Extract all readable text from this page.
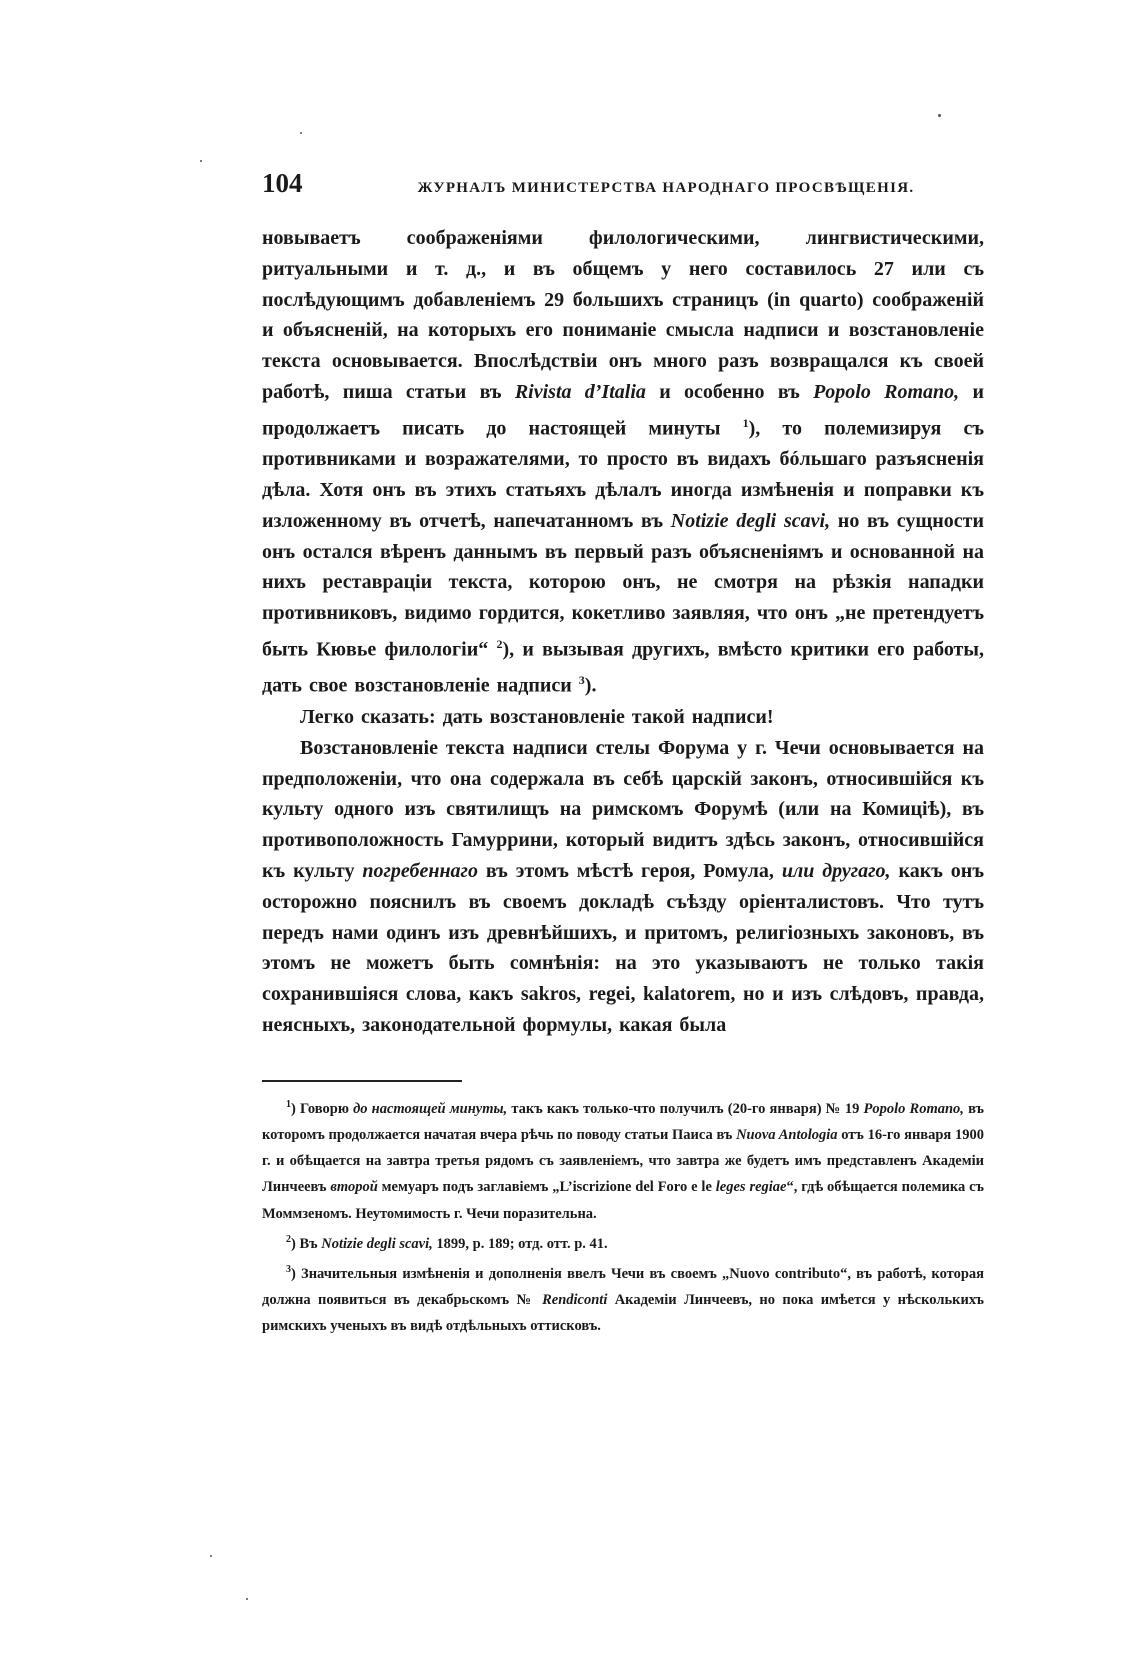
104	ЖУРНАЛЪ МИНИСТЕРСТВА НАРОДНАГО ПРОСВѢЩЕНІЯ.

новываетъ соображеніями филологическими, лингвистическими, ритуальными и т. д., и въ общемъ у него составилось 27 или съ послѣдующимъ добавленіемъ 29 большихъ страницъ (in quarto) соображеній и объясненій, на которыхъ его пониманіе смысла надписи и возстановленіе текста основывается. Впослѣдствіи онъ много разъ возвращался къ своей работѣ, пиша статьи въ Rivista d’Italia и особенно въ Popolo Romano, и продолжаетъ писать до настоящей минуты $^1$), то полемизируя съ противниками и возражателями, то просто въ видахъ бóльшаго разъясненія дѣла. Хотя онъ въ этихъ статьяхъ дѣлалъ иногда измѣненія и поправки къ изложенному въ отчетѣ, напечатанномъ въ Notizie degli scavi, но въ сущности онъ остался вѣренъ даннымъ въ первый разъ объясненіямъ и основанной на нихъ реставраціи текста, которою онъ, не смотря на рѣзкія нападки противниковъ, видимо гордится, кокетливо заявляя, что онъ „не претендуетъ быть Кювье филологіи“ $^2$), и вызывая другихъ, вмѣсто критики его работы, дать свое возстановленіе надписи $^3$).

Легко сказать: дать возстановленіе такой надписи!

Возстановленіе текста надписи стелы Форума у г. Чечи основывается на предположеніи, что она содержала въ себѣ царскій законъ, относившійся къ культу одного изъ святилищъ на римскомъ Форумѣ (или на Комиціѣ), въ противоположность Гамуррини, который видитъ здѣсь законъ, относившійся къ культу погребеннаго въ этомъ мѣстѣ героя, Ромула, или другаго, какъ онъ осторожно пояснилъ въ своемъ докладѣ съѣзду оріенталистовъ. Что тутъ передъ нами одинъ изъ древнѣйшихъ, и притомъ, религіозныхъ законовъ, въ этомъ не можетъ быть сомнѣнія: на это указываютъ не только такія сохранившіяся слова, какъ sakros, regei, kalatorem, но и изъ слѣдовъ, правда, неясныхъ, законодательной формулы, какая была

$^1$) Говорю до настоящей минуты, такъ какъ только-что получилъ (20-го января) № 19 Popolo Romano, въ которомъ продолжается начатая вчера рѣчь по поводу статьи Паиса въ Nuova Antologia отъ 16-го января 1900 г. и обѣщается на завтра третья рядомъ съ заявленіемъ, что завтра же будетъ имъ представленъ Академіи Линчеевъ второй мемуаръ подъ заглавіемъ „L’iscrizione del Foro e le leges regiae“, гдѣ обѣщается полемика съ Моммзеномъ. Неутомимость г. Чечи поразительна.

$^2$) Въ Notizie degli scavi, 1899, p. 189; отд. отт. p. 41.

$^3$) Значительныя измѣненія и дополненія ввелъ Чечи въ своемъ „Nuovo contributo“, въ работѣ, которая должна появиться въ декабрьскомъ № Rendiconti Академіи Линчеевъ, но пока имѣется у нѣсколькихъ римскихъ ученыхъ въ видѣ отдѣльныхъ оттисковъ.
